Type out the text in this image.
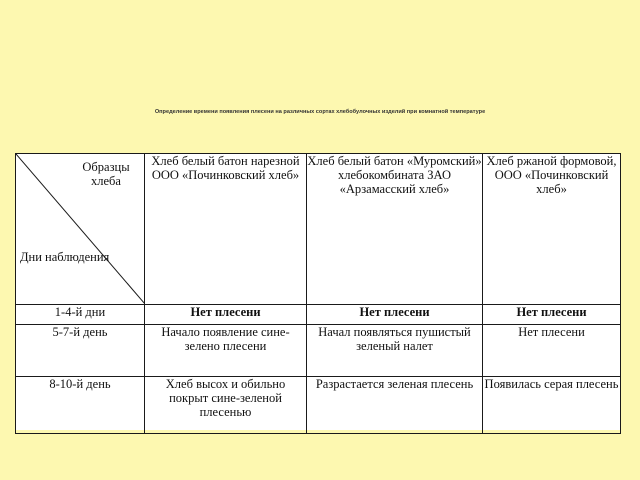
Определение времени появления плесени на различных сортах хлебобулочных изделий при комнатной температуре
Образцы хлеба
Дни наблюдения	Хлеб белый батон нарезной ООО «Починковский хлеб»	Хлеб белый батон «Муромский» хлебокомбината ЗАО «Арзамасский хлеб»	Хлеб ржаной формовой, ООО «Починковский хлеб»
1-4-й дни	Нет плесени	Нет плесени	Нет плесени
5-7-й день	Начало появление сине-зелено плесени	Начал появляться пушистый зеленый налет	Нет плесени
8-10-й день	Хлеб высох и обильно покрыт сине-зеленой плесенью	Разрастается зеленая плесень	Появилась серая плесень
